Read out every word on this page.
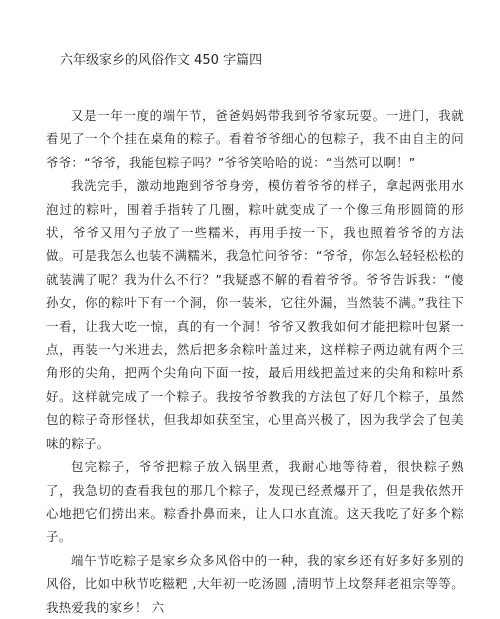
六年级家乡的风俗作文 450 字篇四

又是一年一度的端午节，爸爸妈妈带我到爷爷家玩耍。一进门，我就看见了一个个挂在桌角的粽子。看着爷爷细心的包粽子，我不由自主的问爷爷：“爷爷，我能包粽子吗？”爷爷笑哈哈的说：“当然可以啊！”

我洗完手，激动地跑到爷爷身旁，模仿着爷爷的样子，拿起两张用水泡过的粽叶，围着手指转了几圈，粽叶就变成了一个像三角形圆筒的形状，爷爷又用勺子放了一些糯米，再用手按一下，我也照着爷爷的方法做。可是我怎么也装不满糯米，我急忙问爷爷：“爷爷，你怎么轻轻松松的就装满了呢？我为什么不行？”我疑惑不解的看着爷爷。爷爷告诉我：“傻孙女，你的粽叶下有一个洞，你一装米，它往外漏，当然装不满。”我往下一看，让我大吃一惊，真的有一个洞！爷爷又教我如何才能把粽叶包紧一点，再装一勺米进去，然后把多余粽叶盖过来，这样粽子两边就有两个三角形的尖角，把两个尖角向下面一按，最后用线把盖过来的尖角和粽叶系好。这样就完成了一个粽子。我按爷爷教我的方法包了好几个粽子，虽然包的粽子奇形怪状，但我却如获至宝，心里高兴极了，因为我学会了包美味的粽子。

包完粽子，爷爷把粽子放入锅里煮，我耐心地等待着，很快粽子熟了，我急切的查看我包的那几个粽子，发现已经煮爆开了，但是我依然开心地把它们捞出来。粽香扑鼻而来，让人口水直流。这天我吃了好多个粽子。

端午节吃粽子是家乡众多风俗中的一种，我的家乡还有好多好多别的风俗，比如中秋节吃糍粑 ,大年初一吃汤圆 ,清明节上坟祭拜老祖宗等等。我热爱我的家乡！ 六
